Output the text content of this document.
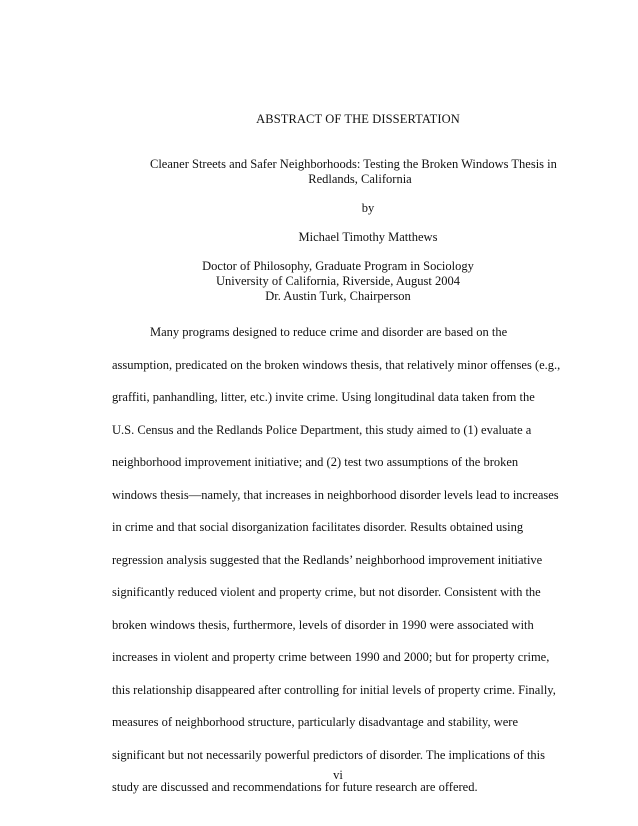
ABSTRACT OF THE DISSERTATION
Cleaner Streets and Safer Neighborhoods: Testing the Broken Windows Thesis in
Redlands, California
by
Michael Timothy Matthews
Doctor of Philosophy, Graduate Program in Sociology
University of California, Riverside, August 2004
Dr. Austin Turk, Chairperson
Many programs designed to reduce crime and disorder are based on the
assumption, predicated on the broken windows thesis, that relatively minor offenses (e.g.,
graffiti, panhandling, litter, etc.) invite crime. Using longitudinal data taken from the
U.S. Census and the Redlands Police Department, this study aimed to (1) evaluate a
neighborhood improvement initiative; and (2) test two assumptions of the broken
windows thesis—namely, that increases in neighborhood disorder levels lead to increases
in crime and that social disorganization facilitates disorder. Results obtained using
regression analysis suggested that the Redlands’ neighborhood improvement initiative
significantly reduced violent and property crime, but not disorder. Consistent with the
broken windows thesis, furthermore, levels of disorder in 1990 were associated with
increases in violent and property crime between 1990 and 2000; but for property crime,
this relationship disappeared after controlling for initial levels of property crime. Finally,
measures of neighborhood structure, particularly disadvantage and stability, were
significant but not necessarily powerful predictors of disorder. The implications of this
study are discussed and recommendations for future research are offered.
vi
